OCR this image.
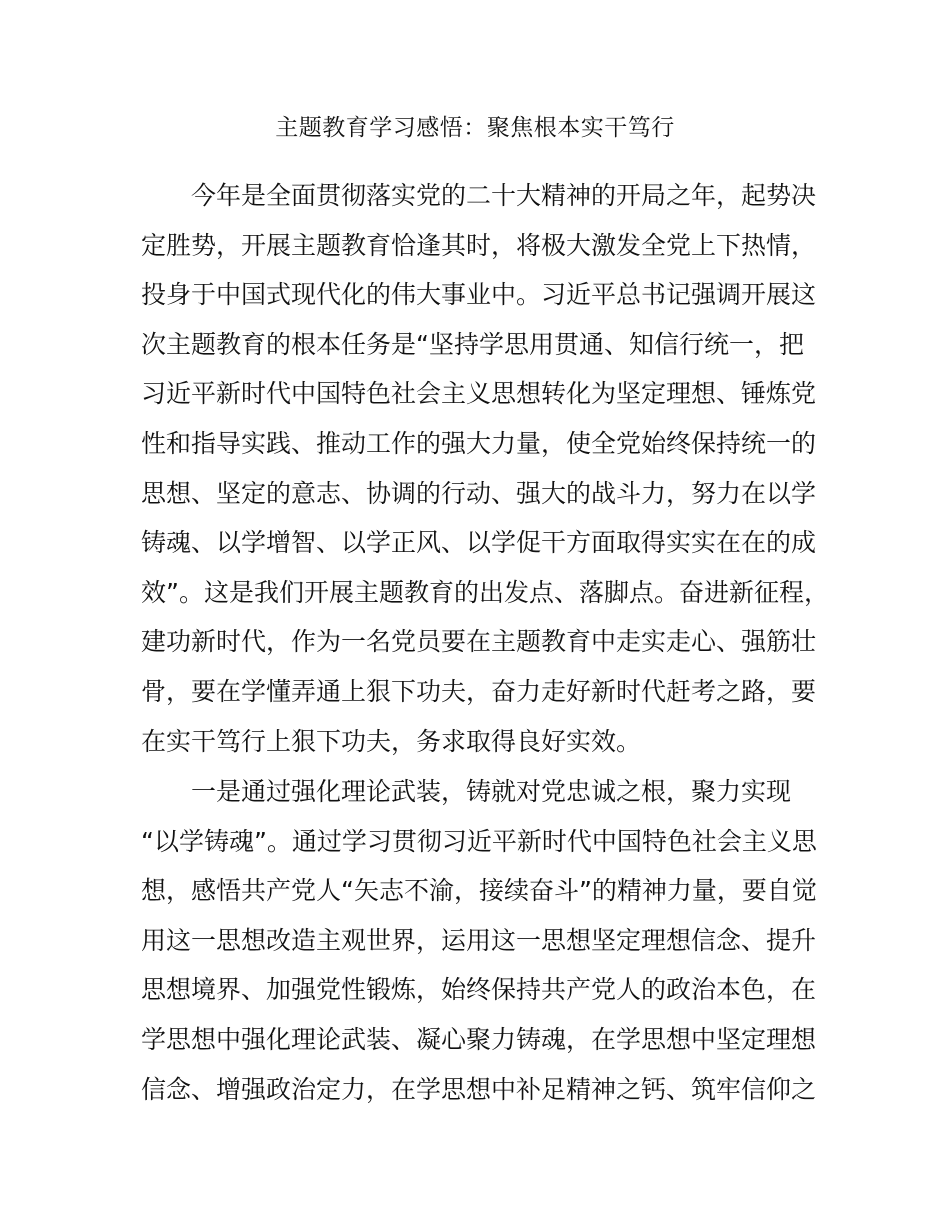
主题教育学习感悟：聚焦根本实干笃行
今年是全面贯彻落实党的二十大精神的开局之年，起势决
定胜势，开展主题教育恰逢其时，将极大激发全党上下热情，
投身于中国式现代化的伟大事业中。习近平总书记强调开展这
次主题教育的根本任务是“坚持学思用贯通、知信行统一，把
习近平新时代中国特色社会主义思想转化为坚定理想、锤炼党
性和指导实践、推动工作的强大力量，使全党始终保持统一的
思想、坚定的意志、协调的行动、强大的战斗力，努力在以学
铸魂、以学增智、以学正风、以学促干方面取得实实在在的成
效”。这是我们开展主题教育的出发点、落脚点。奋进新征程，
建功新时代，作为一名党员要在主题教育中走实走心、强筋壮
骨，要在学懂弄通上狠下功夫，奋力走好新时代赶考之路，要
在实干笃行上狠下功夫，务求取得良好实效。
一是通过强化理论武装，铸就对党忠诚之根，聚力实现
“以学铸魂”。通过学习贯彻习近平新时代中国特色社会主义思
想，感悟共产党人“矢志不渝，接续奋斗”的精神力量，要自觉
用这一思想改造主观世界，运用这一思想坚定理想信念、提升
思想境界、加强党性锻炼，始终保持共产党人的政治本色，在
学思想中强化理论武装、凝心聚力铸魂，在学思想中坚定理想
信念、增强政治定力，在学思想中补足精神之钙、筑牢信仰之
